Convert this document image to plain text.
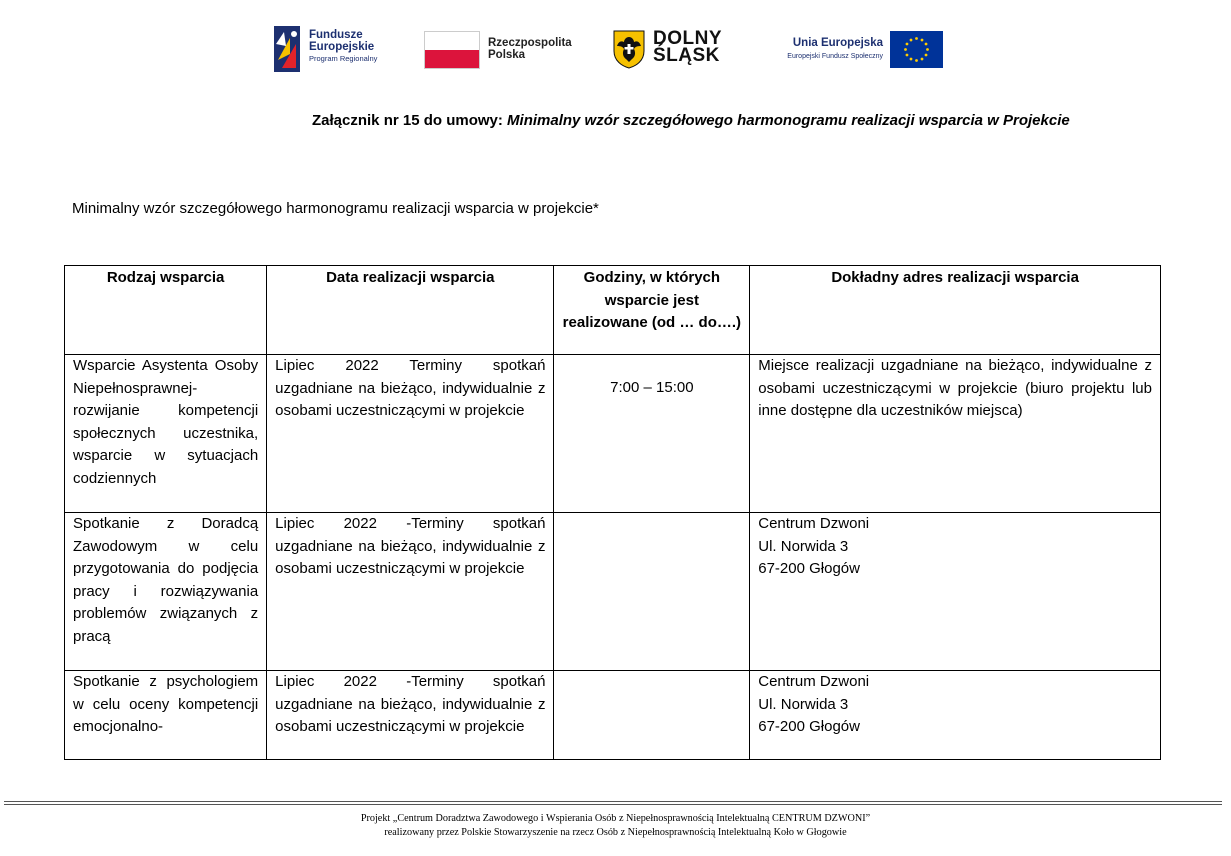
Fundusze
Europejskie
Program Regionalny
Rzeczpospolita
Polska
DOLNY
ŚLĄSK
Unia Europejska
Europejski Fundusz Społeczny
Załącznik nr 15 do umowy: Minimalny wzór szczegółowego harmonogramu realizacji wsparcia w Projekcie
Minimalny wzór szczegółowego harmonogramu realizacji wsparcia w projekcie*
Rodzaj wsparcia	Data realizacji wsparcia	Godziny, w których wsparcie jest realizowane (od … do….)	Dokładny adres realizacji wsparcia
Wsparcie Asystenta Osoby Niepełnosprawnej- rozwijanie kompetencji społecznych uczestnika, wsparcie w sytuacjach codziennych	Lipiec 2022 Terminy spotkań uzgadniane na bieżąco, indywidualnie z osobami uczestniczącymi w projekcie	7:00 – 15:00	Miejsce realizacji uzgadniane na bieżąco, indywidualne z osobami uczestniczącymi w projekcie (biuro projektu lub inne dostępne dla uczestników miejsca)
Spotkanie z Doradcą Zawodowym w celu przygotowania do podjęcia pracy i rozwiązywania problemów związanych z pracą	Lipiec 2022 -Terminy spotkań uzgadniane na bieżąco, indywidualnie z osobami uczestniczącymi w projekcie		Centrum Dzwoni
Ul. Norwida 3
67-200 Głogów

Spotkanie z psychologiem w celu oceny kompetencji emocjonalno-	Lipiec 2022 -Terminy spotkań uzgadniane na bieżąco, indywidualnie z osobami uczestniczącymi w projekcie		Centrum Dzwoni
Ul. Norwida 3
67-200 Głogów
Projekt „Centrum Doradztwa Zawodowego i Wspierania Osób z Niepełnosprawnością Intelektualną CENTRUM DZWONI”
realizowany przez Polskie Stowarzyszenie na rzecz Osób z Niepełnosprawnością Intelektualną Koło w Głogowie
